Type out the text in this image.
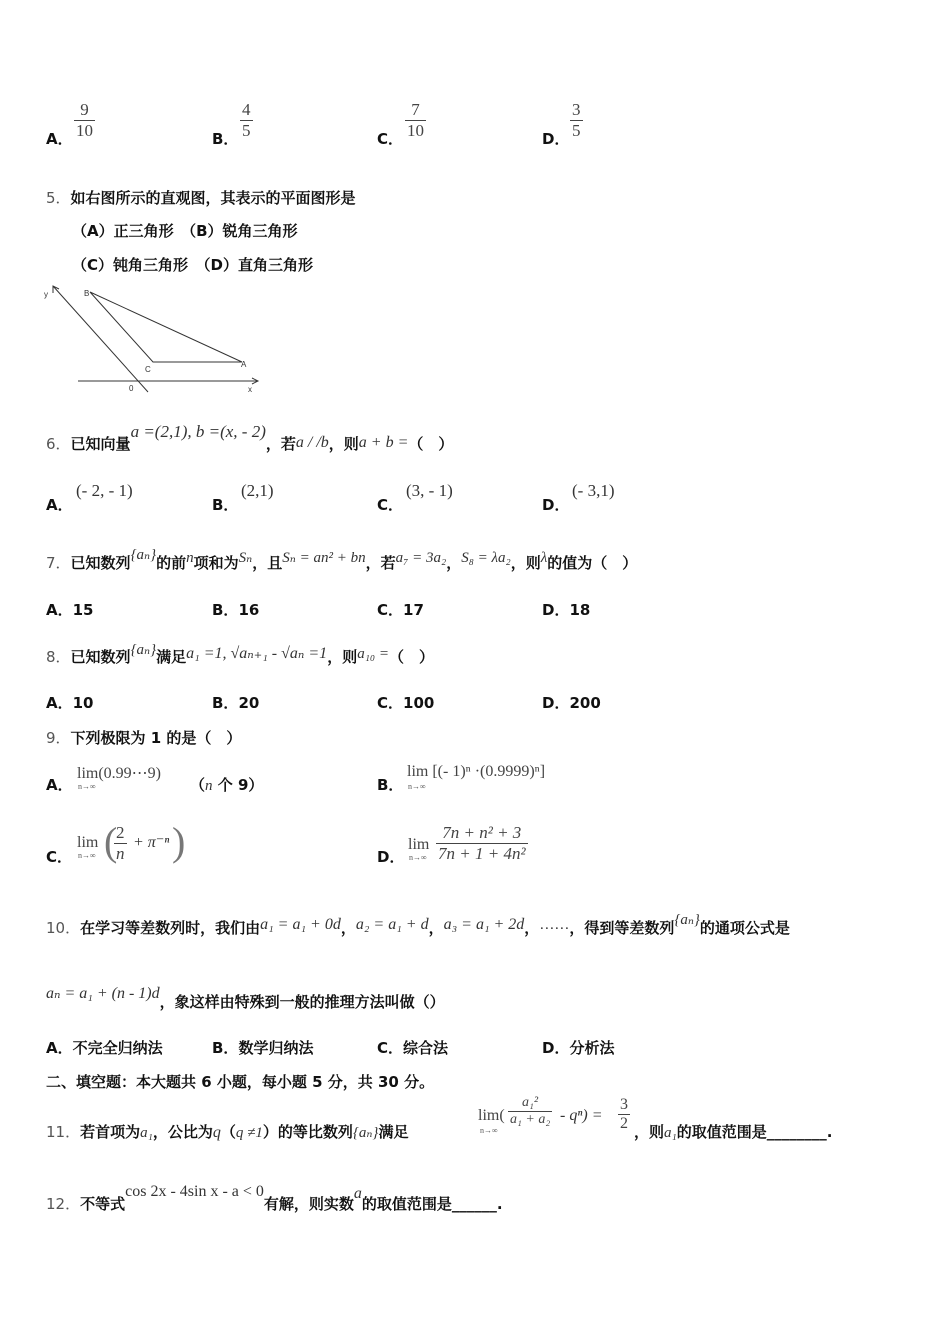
A． $\frac{9}{10}$	B． $\frac{4}{5}$	C． $\frac{7}{10}$	D． $\frac{3}{5}$
5．如右图所示的直观图，其表示的平面图形是
（A）正三角形　（B）锐角三角形
（C）钝角三角形　（D）直角三角形
y	B
C
A
0	x
6．已知向量a =(2,1), b =(x, - 2)，若a / /b，则a + b =（　）
A．
(- 2, - 1)
B．
(2,1)
C．
(3, - 1)
D．
(- 3,1)
7．已知数列{aₙ}的前n项和为Sₙ，且Sₙ = an² + bn，若a₇ = 3a₂，S₈ = λa₂，则λ的值为（　）
A．15	B．16	C．17	D．18
8．已知数列{aₙ}满足a₁ =1, √aₙ₊₁ - √aₙ =1，则a₁₀ =（　）
A．10	B．20	C．100	D．200
9．下列极限为 1 的是（　）
A．
lim(0.99⋯9)
n→∞	（n 个 9）	B．
lim [(- 1)ⁿ ·(0.9999)ⁿ]
n→∞
C．
lim
n→∞ (
$\frac{2}{n} + \pi^{-n}$ )	D．
lim
$n\to\infty \frac{\text{7n + n² + 3}}{\text{7n + 1 + 4n²}}$
10．在学习等差数列时，我们由a₁ = a₁ + 0d，a₂ = a₁ + d，a₃ = a₁ + 2d，……，得到等差数列{aₙ}的通项公式是
aₙ = a₁ + (n - 1)d，象这样由特殊到一般的推理方法叫做（）
A．不完全归纳法	B．数学归纳法	C．综合法	D．分析法
二、填空题：本大题共 6 小题，每小题 5 分，共 30 分。
11．若首项为a₁，公比为q（q ≠1）的等比数列{aₙ}满足
lim(
n→∞
$\frac{\text{a₁²}}{\text{a₁ + a₂}} - q^n) = \frac{3}{2}$ ，则a₁的取值范围是________.
12．不等式cos 2x - 4sin x - a < 0有解，则实数a的取值范围是______.
